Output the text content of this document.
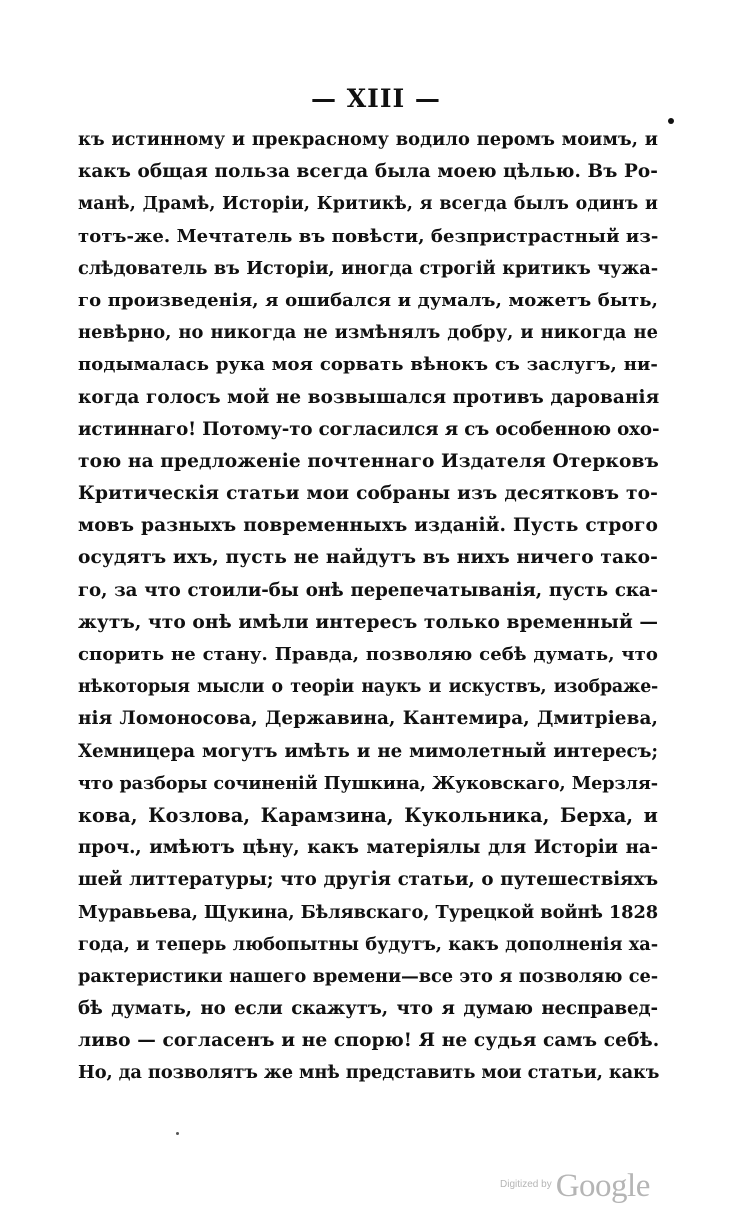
— XIII —
къ истинному и прекрасному водило перомъ моимъ, и
какъ общая польза всегда была моею цѣлью. Въ Ро-
манѣ, Драмѣ, Исторіи, Критикѣ, я всегда былъ одинъ и
тотъ-же. Мечтатель въ повѣсти, безпристрастный из-
слѣдователь въ Исторіи, иногда строгій критикъ чужа-
го произведенія, я ошибался и думалъ, можетъ быть,
невѣрно, но никогда не измѣнялъ добру, и никогда не
подымалась рука моя сорвать вѣнокъ съ заслугъ, ни-
когда голосъ мой не возвышался противъ дарованія
истиннаго! Потому-то согласился я съ особенною охо-
тою на предложеніе почтеннаго Издателя Отерковъ
Критическія статьи мои собраны изъ десятковъ то-
мовъ разныхъ повременныхъ изданій. Пусть строго
осудятъ ихъ, пусть не найдутъ въ нихъ ничего тако-
го, за что стоили-бы онѣ перепечатыванія, пусть ска-
жутъ, что онѣ имѣли интересъ только временный —
спорить не стану. Правда, позволяю себѣ думать, что
нѣкоторыя мысли о теоріи наукъ и искуствъ, изображе-
нія Ломоносова, Державина, Кантемира, Дмитріева,
Хемницера могутъ имѣть и не мимолетный интересъ;
что разборы сочиненій Пушкина, Жуковскаго, Мерзля-
кова, Козлова, Карамзина, Кукольника, Берха, и
проч., имѣютъ цѣну, какъ матеріялы для Исторіи на-
шей литтературы; что другія статьи, о путешествіяхъ
Муравьева, Щукина, Бѣлявскаго, Турецкой войнѣ 1828
года, и теперь любопытны будутъ, какъ дополненія ха-
рактеристики нашего времени—все это я позволяю се-
бѣ думать, но если скажутъ, что я думаю несправед-
ливо — согласенъ и не спорю! Я не судья самъ себѣ.
Но, да позволятъ же мнѣ представить мои статьи, какъ
$^{Digitized by}$ Google
